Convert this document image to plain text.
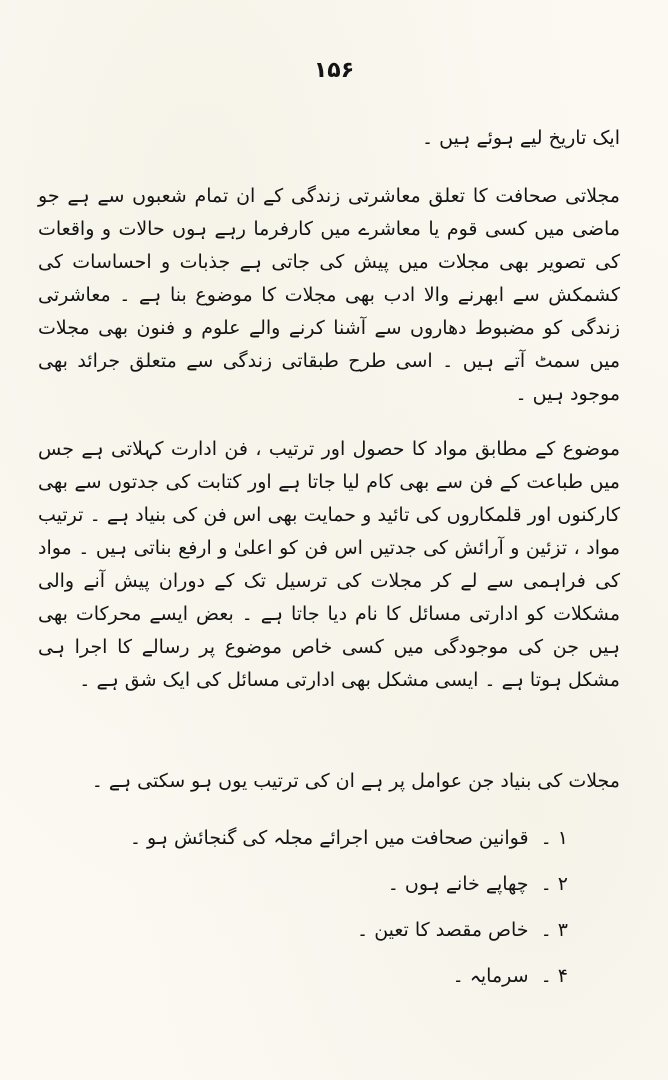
۱۵۶
ایک تاریخ لیے ہوئے ہیں ۔
مجلاتی صحافت کا تعلق معاشرتی زندگی کے ان تمام شعبوں سے ہے جو ماضی میں کسی قوم یا معاشرے میں کارفرما رہے ہوں حالات و واقعات کی تصویر بھی مجلات میں پیش کی جاتی ہے جذبات و احساسات کی کشمکش سے ابھرنے والا ادب بھی مجلات کا موضوع بنا ہے ۔ معاشرتی زندگی کو مضبوط دھاروں سے آشنا کرنے والے علوم و فنون بھی مجلات میں سمٹ آتے ہیں ۔ اسی طرح طبقاتی زندگی سے متعلق جرائد بھی موجود ہیں ۔
موضوع کے مطابق مواد کا حصول اور ترتیب ، فن ادارت کہلاتی ہے جس میں طباعت کے فن سے بھی کام لیا جاتا ہے اور کتابت کی جدتوں سے بھی کارکنوں اور قلمکاروں کی تائید و حمایت بھی اس فن کی بنیاد ہے ۔ ترتیب مواد ، تزئین و آرائش کی جدتیں اس فن کو اعلیٰ و ارفع بناتی ہیں ۔ مواد کی فراہمی سے لے کر مجلات کی ترسیل تک کے دوران پیش آنے والی مشکلات کو ادارتی مسائل کا نام دیا جاتا ہے ۔ بعض ایسے محرکات بھی ہیں جن کی موجودگی میں کسی خاص موضوع پر رسالے کا اجرا ہی مشکل ہوتا ہے ۔ ایسی مشکل بھی ادارتی مسائل کی ایک شق ہے ۔
مجلات کی بنیاد جن عوامل پر ہے ان کی ترتیب یوں ہو سکتی ہے ۔
۱ ۔ قوانین صحافت میں اجرائے مجلہ کی گنجائش ہو ۔
۲ ۔ چھاپے خانے ہوں ۔
۳ ۔ خاص مقصد کا تعین ۔
۴ ۔ سرمایہ ۔
